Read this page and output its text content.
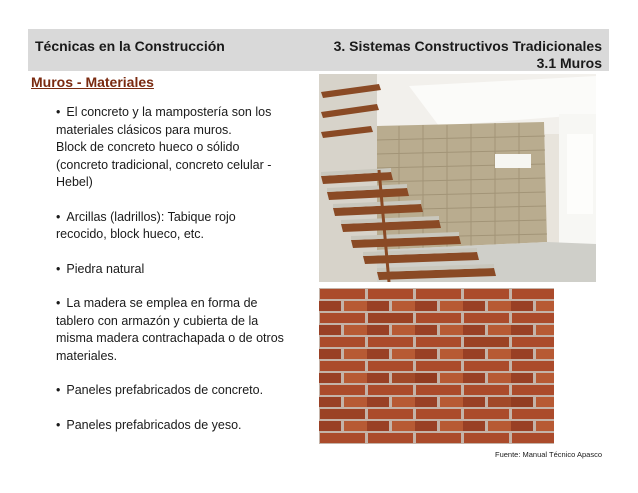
Técnicas en la Construcción	3. Sistemas Constructivos Tradicionales
3.1 Muros
Muros - Materiales
• El concreto y la mampostería son los
materiales clásicos para muros.
Block de concreto hueco o sólido
(concreto tradicional, concreto celular -
Hebel)
• Arcillas (ladrillos): Tabique rojo
recocido, block hueco, etc.
• Piedra natural
• La madera se emplea en forma de
tablero con armazón y cubierta de la
misma madera contrachapada o de otros
materiales.
• Paneles prefabricados de concreto.
• Paneles prefabricados de yeso.
Fuente: Manual Técnico Apasco
